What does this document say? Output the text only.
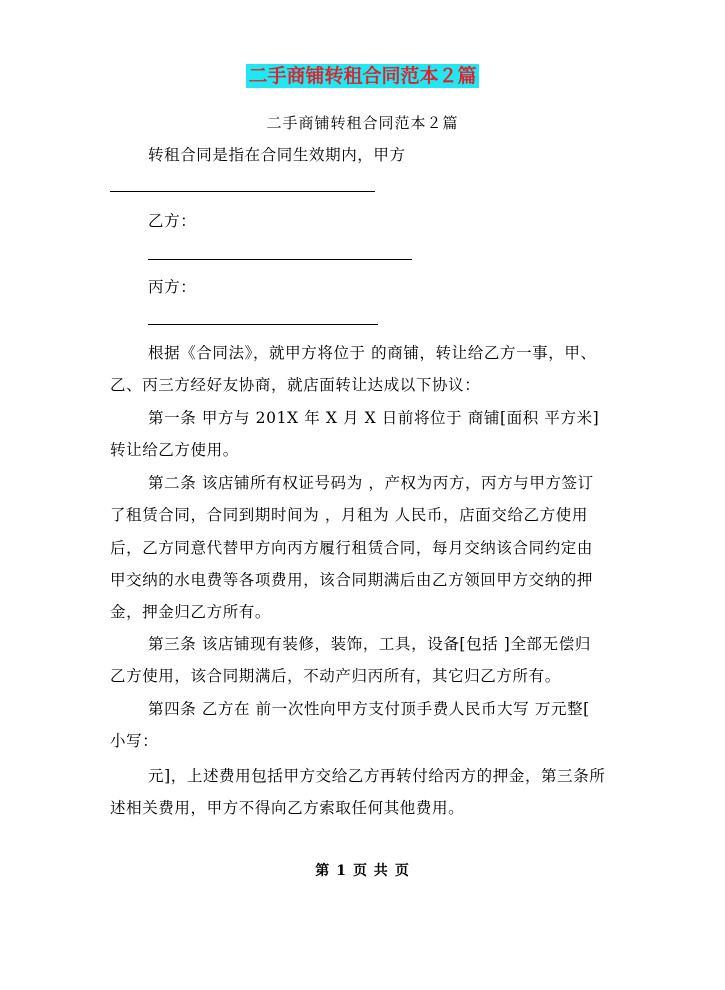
二手商铺转租合同范本２篇
二手商铺转租合同范本２篇
转租合同是指在合同生效期内，甲方
乙方：
丙方：
根据《合同法》，就甲方将位于 的商铺，转让给乙方一事，甲、
乙、丙三方经好友协商，就店面转让达成以下协议：
第一条 甲方与 201X 年 X 月 X 日前将位于 商铺[面积 平方米]
转让给乙方使用。
第二条 该店铺所有权证号码为 ，产权为丙方，丙方与甲方签订
了租赁合同，合同到期时间为 ，月租为 人民币，店面交给乙方使用
后，乙方同意代替甲方向丙方履行租赁合同，每月交纳该合同约定由
甲交纳的水电费等各项费用，该合同期满后由乙方领回甲方交纳的押
金，押金归乙方所有。
第三条 该店铺现有装修，装饰，工具，设备[包括 ]全部无偿归
乙方使用，该合同期满后，不动产归丙所有，其它归乙方所有。
第四条 乙方在 前一次性向甲方支付顶手费人民币大写 万元整[
小写：
元]，上述费用包括甲方交给乙方再转付给丙方的押金，第三条所
述相关费用，甲方不得向乙方索取任何其他费用。
第 1 页 共 页
